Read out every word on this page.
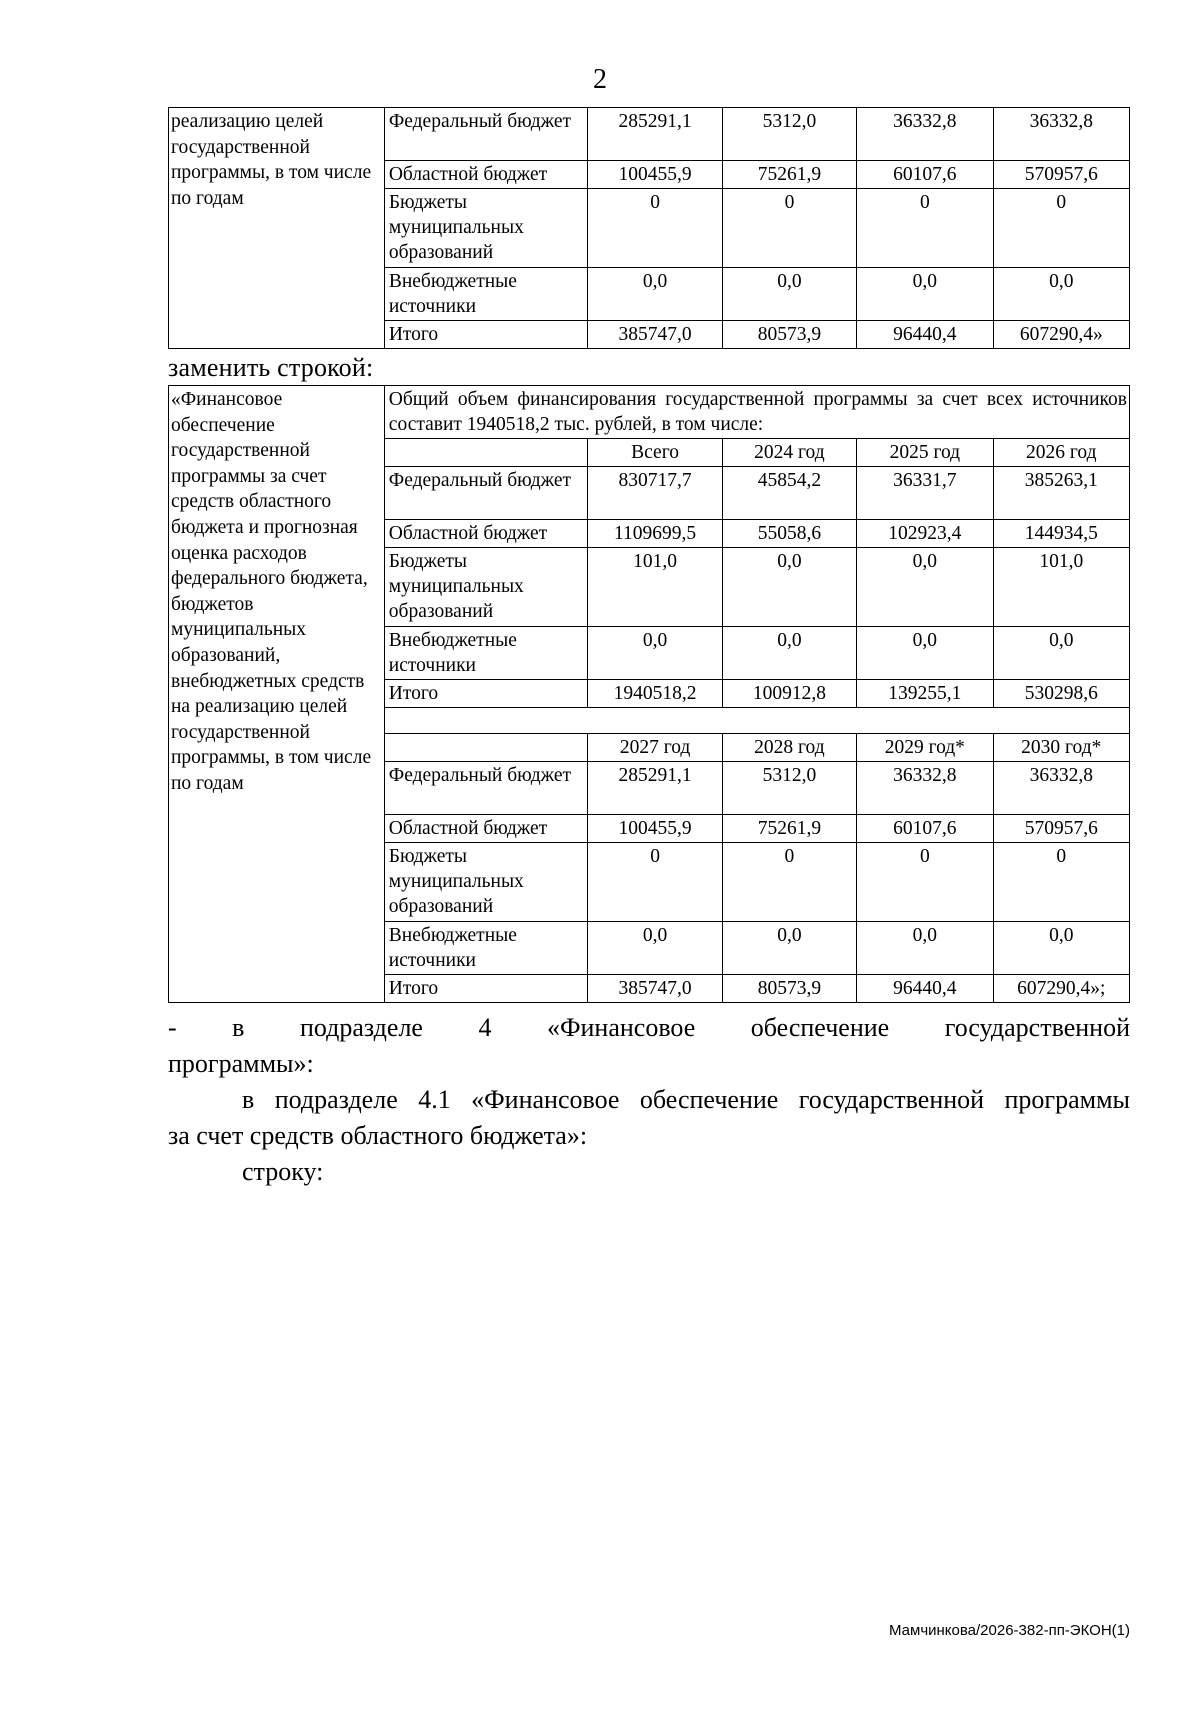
2
реализацию целей государственной программы, в том числе по годам	Федеральный бюджет	285291,1	5312,0	36332,8	36332,8
	Областной бюджет	100455,9	75261,9	60107,6	570957,6
	Бюджеты муниципальных образований	0	0	0	0
	Внебюджетные источники	0,0	0,0	0,0	0,0
	Итого	385747,0	80573,9	96440,4	607290,4»
заменить строкой:
«Финансовое обеспечение государственной программы за счет средств областного бюджета и прогнозная оценка расходов федерального бюджета, бюджетов муниципальных образований, внебюджетных средств на реализацию целей государственной программы, в том числе по годам	Общий объем финансирования государственной программы за счет всех источников составит 1940518,2 тыс. рублей, в том числе:				
		Всего	2024 год	2025 год	2026 год
	Федеральный бюджет	830717,7	45854,2	36331,7	385263,1
	Областной бюджет	1109699,5	55058,6	102923,4	144934,5
	Бюджеты муниципальных образований	101,0	0,0	0,0	101,0
	Внебюджетные источники	0,0	0,0	0,0	0,0
	Итого	1940518,2	100912,8	139255,1	530298,6

		2027 год	2028 год	2029 год*	2030 год*
	Федеральный бюджет	285291,1	5312,0	36332,8	36332,8
	Областной бюджет	100455,9	75261,9	60107,6	570957,6
	Бюджеты муниципальных образований	0	0	0	0
	Внебюджетные источники	0,0	0,0	0,0	0,0
	Итого	385747,0	80573,9	96440,4	607290,4»;
- в подразделе 4 «Финансовое обеспечение государственной
программы»:
в подразделе 4.1 «Финансовое обеспечение государственной программы
за счет средств областного бюджета»:
строку:
Мамчинкова/2026-382-пп-ЭКОН(1)
